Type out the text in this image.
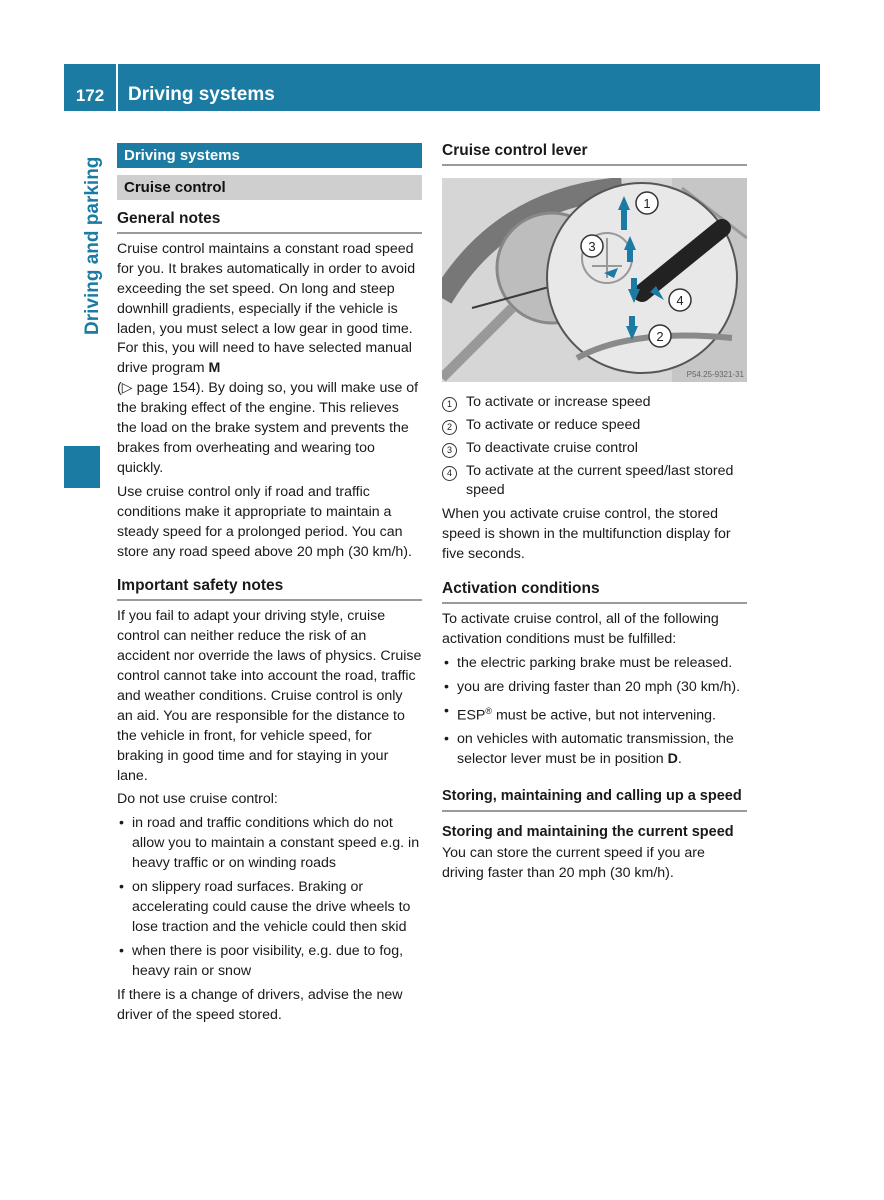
172	Driving systems
Driving and parking
Driving systems
Cruise control
General notes

Cruise control maintains a constant road speed for you. It brakes automatically in order to avoid exceeding the set speed. On long and steep downhill gradients, especially if the vehicle is laden, you must select a low gear in good time. For this, you will need to have selected manual drive program M
(▷ page 154). By doing so, you will make use of the braking effect of the engine. This relieves the load on the brake system and prevents the brakes from overheating and wearing too quickly.

Use cruise control only if road and traffic conditions make it appropriate to maintain a steady speed for a prolonged period. You can store any road speed above 20 mph (30 km/h).

Important safety notes

If you fail to adapt your driving style, cruise control can neither reduce the risk of an accident nor override the laws of physics. Cruise control cannot take into account the road, traffic and weather conditions. Cruise control is only an aid. You are responsible for the distance to the vehicle in front, for vehicle speed, for braking in good time and for staying in your lane.

Do not use cruise control:

• in road and traffic conditions which do not allow you to maintain a constant speed e.g. in heavy traffic or on winding roads
• on slippery road surfaces. Braking or accelerating could cause the drive wheels to lose traction and the vehicle could then skid
• when there is poor visibility, e.g. due to fog, heavy rain or snow

If there is a change of drivers, advise the new driver of the speed stored.

Cruise control lever
1
3
4
2
P54.25-9321-31
1 To activate or increase speed
2 To activate or reduce speed
3 To deactivate cruise control
4 To activate at the current speed/last stored speed

When you activate cruise control, the stored speed is shown in the multifunction display for five seconds.

Activation conditions

To activate cruise control, all of the following activation conditions must be fulfilled:

• the electric parking brake must be released.
• you are driving faster than 20 mph (30 km/h).
• ESP® must be active, but not intervening.
• on vehicles with automatic transmission, the selector lever must be in position D.
Storing, maintaining and calling up a speed
Storing and maintaining the current speed

You can store the current speed if you are driving faster than 20 mph (30 km/h).
